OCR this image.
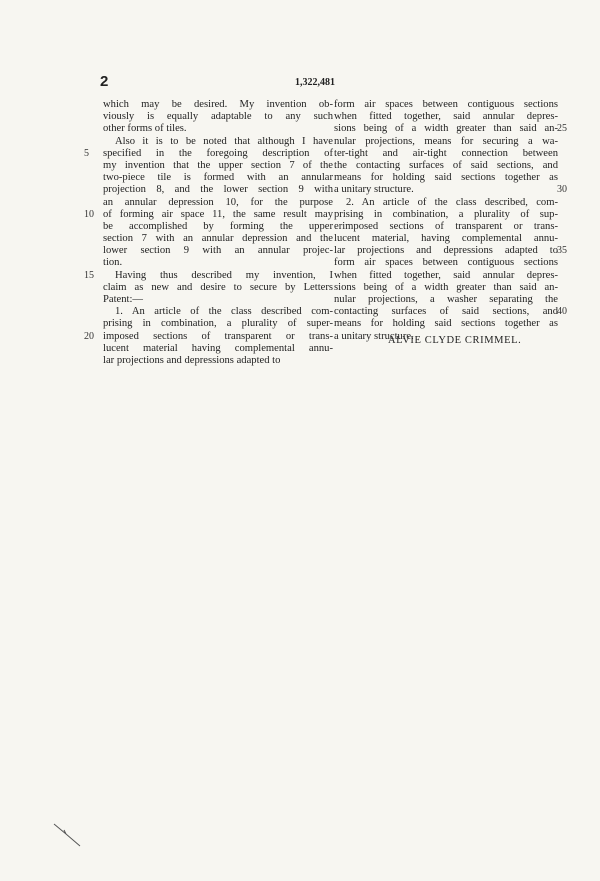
2	1,322,481
which may be desired. My invention ob-
viously is equally adaptable to any such
other forms of tiles.
Also it is to be noted that although I have
specified in the foregoing description of
my invention that the upper section 7 of the
two-piece tile is formed with an annular
projection 8, and the lower section 9 with
an annular depression 10, for the purpose
of forming air space 11, the same result may
be accomplished by forming the upper
section 7 with an annular depression and the
lower section 9 with an annular projec-
tion.
Having thus described my invention, I
claim as new and desire to secure by Letters
Patent:—
1. An article of the class described com-
prising in combination, a plurality of super-
imposed sections of transparent or trans-
lucent material having complemental annu-
lar projections and depressions adapted to
form air spaces between contiguous sections
when fitted together, said annular depres-
sions being of a width greater than said an-
nular projections, means for securing a wa-
ter-tight and air-tight connection between
the contacting surfaces of said sections, and
means for holding said sections together as
a unitary structure.
2. An article of the class described, com-
prising in combination, a plurality of sup-
erimposed sections of transparent or trans-
lucent material, having complemental annu-
lar projections and depressions adapted to
form air spaces between contiguous sections
when fitted together, said annular depres-
sions being of a width greater than said an-
nular projections, a washer separating the
contacting surfaces of said sections, and
means for holding said sections together as
a unitary structure.
5
10
15
20
25
30
35
40
ALVIE CLYDE CRIMMEL.
